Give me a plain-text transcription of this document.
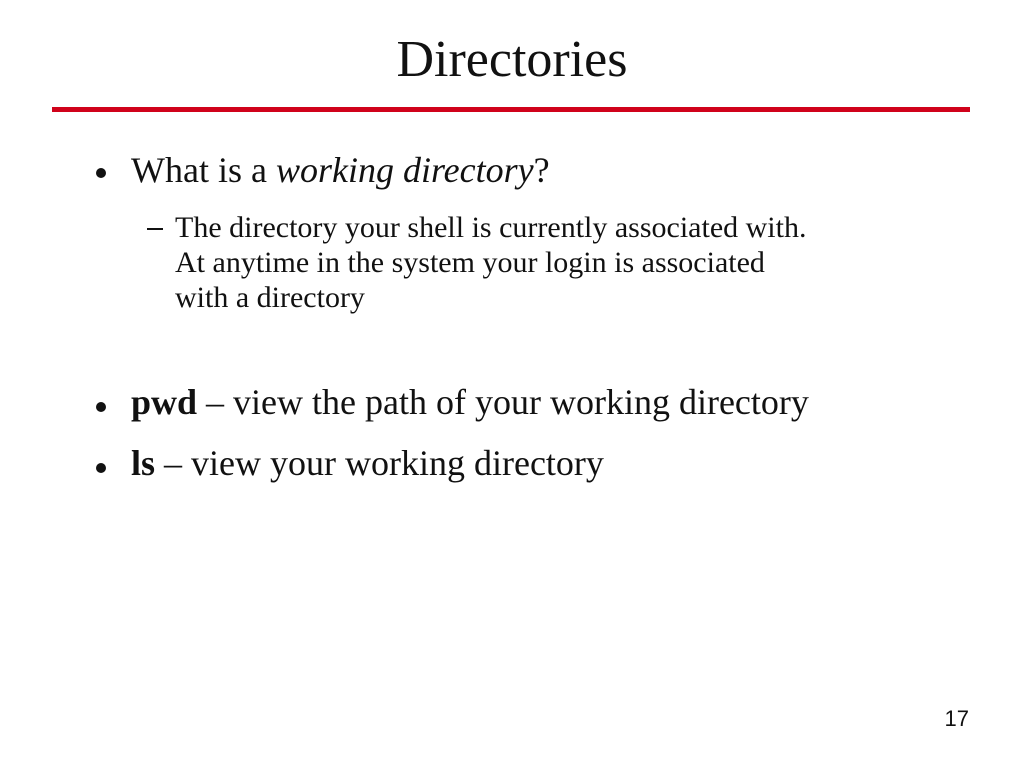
Directories
What is a working directory?
The directory your shell is currently associated with.
At anytime in the system your login is associated
with a directory
pwd – view the path of your working directory
ls – view your working directory
17
